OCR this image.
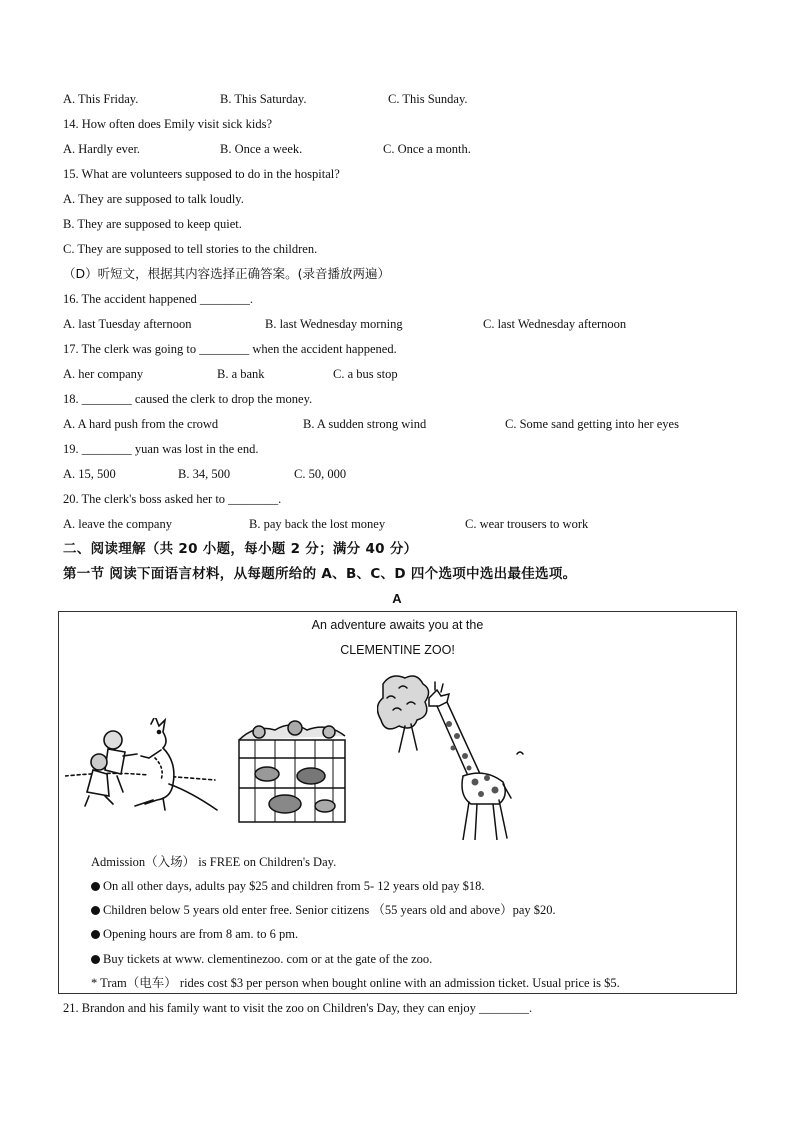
A. This Friday.	B. This Saturday.	C. This Sunday.
14. How often does Emily visit sick kids?
A. Hardly ever.	B. Once a week.	C. Once a month.
15. What are volunteers supposed to do in the hospital?
A. They are supposed to talk loudly.
B. They are supposed to keep quiet.
C. They are supposed to tell stories to the children.
（D）听短文，根据其内容选择正确答案。(录音播放两遍）
16. The accident happened ________.
A. last Tuesday afternoon	B. last Wednesday morning	C. last Wednesday afternoon
17. The clerk was going to ________ when the accident happened.
A. her company	B. a bank	C. a bus stop
18. ________ caused the clerk to drop the money.
A. A hard push from the crowd	B. A sudden strong wind	C. Some sand getting into her eyes
19. ________ yuan was lost in the end.
A. 15, 500	B. 34, 500	C. 50, 000
20. The clerk's boss asked her to ________.
A. leave the company	B. pay back the lost money	C. wear trousers to work
二、阅读理解（共 20 小题，每小题 2 分；满分 40 分）
第一节 阅读下面语言材料，从每题所给的 A、B、C、D 四个选项中选出最佳选项。
A
An adventure awaits you at the
CLEMENTINE ZOO!
Admission（入场） is FREE on Children's Day.
On all other days, adults pay $25 and children from 5- 12 years old pay $18.
Children below 5 years old enter free. Senior citizens （55 years old and above）pay $20.
Opening hours are from 8 am. to 6 pm.
Buy tickets at www. clementinezoo. com or at the gate of the zoo.
* Tram（电车） rides cost $3 per person when bought online with an admission ticket. Usual price is $5.
21. Brandon and his family want to visit the zoo on Children's Day, they can enjoy ________.
